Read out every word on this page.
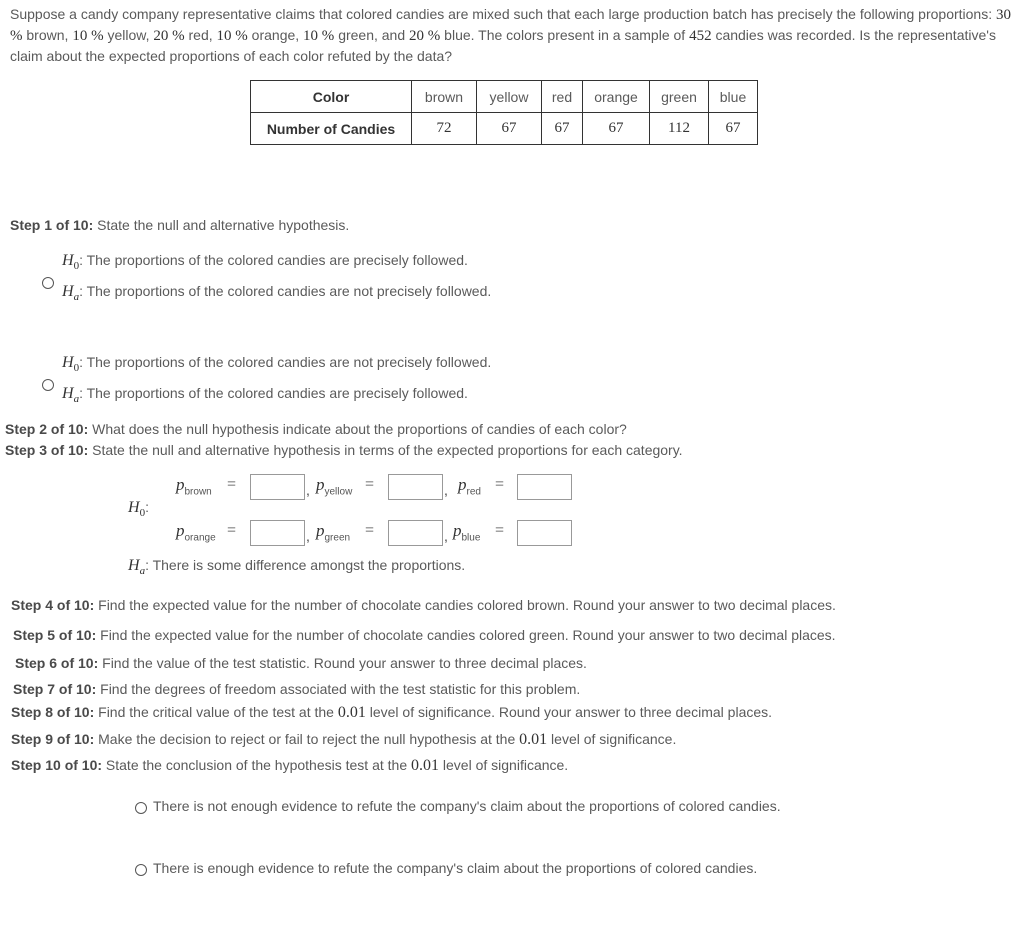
Suppose a candy company representative claims that colored candies are mixed such that each large production batch has precisely the following proportions: 30 % brown, 10 % yellow, 20 % red, 10 % orange, 10 % green, and 20 % blue. The colors present in a sample of 452 candies was recorded. Is the representative's claim about the expected proportions of each color refuted by the data?
Color	brown	yellow	red	orange	green	blue
Number of Candies	72	67	67	67	112	67
Step 1 of 10: State the null and alternative hypothesis.
$H_0$: The proportions of the colored candies are precisely followed.
$H_a$: The proportions of the colored candies are not precisely followed.
$H_0$: The proportions of the colored candies are not precisely followed.
$H_a$: The proportions of the colored candies are precisely followed.
Step 2 of 10: What does the null hypothesis indicate about the proportions of candies of each color?
Step 3 of 10: State the null and alternative hypothesis in terms of the expected proportions for each category.
$H_0$:
$p_{brown}$ =	, $p_{yellow}$ =	, $p_{red}$ =
$p_{orange}$ =	, $p_{green}$ =	, $p_{blue}$ =
$H_a$: There is some difference amongst the proportions.
Step 4 of 10: Find the expected value for the number of chocolate candies colored brown. Round your answer to two decimal places.
Step 5 of 10: Find the expected value for the number of chocolate candies colored green. Round your answer to two decimal places.
Step 6 of 10: Find the value of the test statistic. Round your answer to three decimal places.
Step 7 of 10: Find the degrees of freedom associated with the test statistic for this problem.
Step 8 of 10: Find the critical value of the test at the 0.01 level of significance. Round your answer to three decimal places.
Step 9 of 10: Make the decision to reject or fail to reject the null hypothesis at the 0.01 level of significance.
Step 10 of 10: State the conclusion of the hypothesis test at the 0.01 level of significance.
There is not enough evidence to refute the company's claim about the proportions of colored candies.
There is enough evidence to refute the company's claim about the proportions of colored candies.
